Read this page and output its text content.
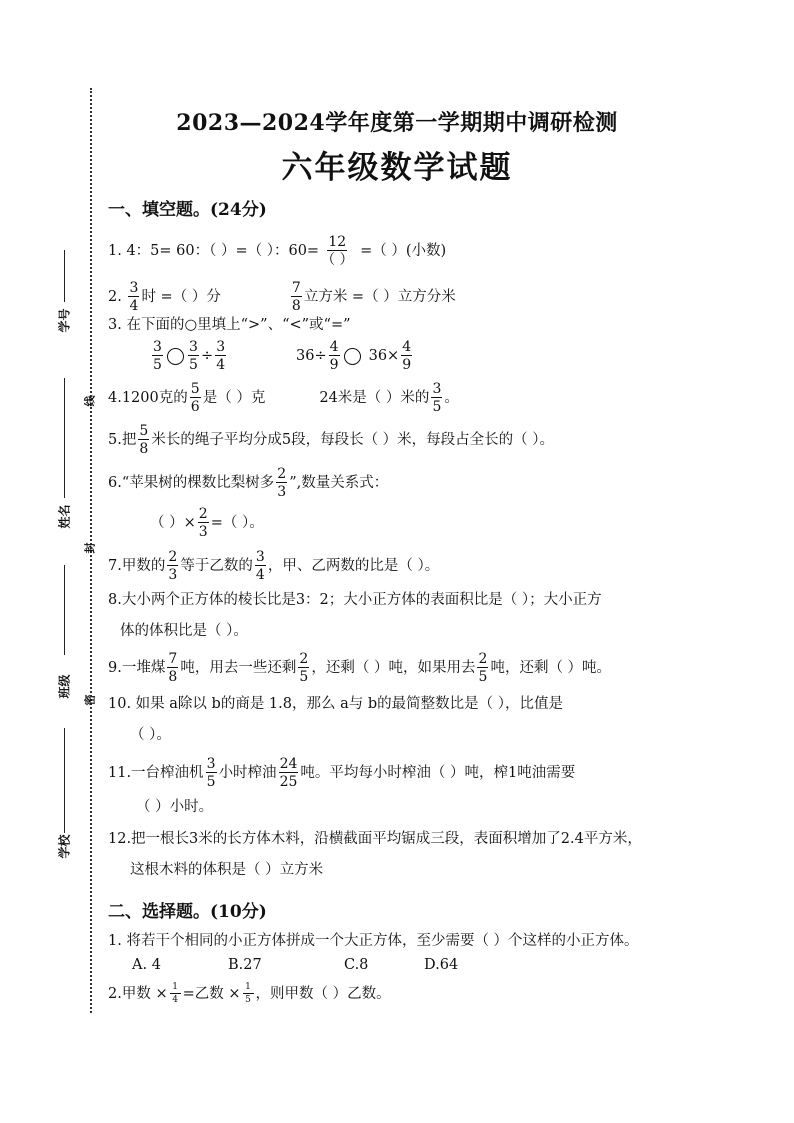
学号
姓名
班级
学校
线
封
密
2023—2024学年度第一学期期中调研检测
六年级数学试题
一、填空题。(24分)
1. 4：5= 60：（ ）=（ ）：$60= \frac{12}{( )}$ =（ ）(小数)
2. $\frac{3}{4}$ 时 =（ ）分	$\frac{7}{8}$ 立方米 =（ ）立方分米
3. 在下面的○里填上“>”、“<”或“=”
$\frac{3}{5} \frac{3}{5} \div \frac{3}{4}$	$36\div \frac{4}{9} 36\times \frac{4}{9}$
4.1200克的 $\frac{5}{6}$ 是（ ）克	24米是（ ）米的 $\frac{3}{5}$ 。
5.把 $\frac{5}{8}$ 米长的绳子平均分成5段，每段长（ ）米，每段占全长的（ ）。
6.“苹果树的棵数比梨树多 $\frac{2}{3}$ ”,数量关系式：
（ ）× $\frac{2}{3}$ =（ ）。
7.甲数的 $\frac{2}{3}$ 等于乙数的 $\frac{3}{4}$ ，甲、乙两数的比是（ ）。
8.大小两个正方体的棱长比是3：2；大小正方体的表面积比是（ ）；大小正方
体的体积比是（ ）。
9.一堆煤 $\frac{7}{8}$ 吨，用去一些还剩 $\frac{2}{5}$ ，还剩（ ）吨，如果用去 $\frac{2}{5}$ 吨，还剩（ ）吨。
10. 如果 a除以 b的商是 1.8，那么 a与 b的最简整数比是（ ），比值是
（ ）。
11.一台榨油机 $\frac{3}{5}$ 小时榨油 $\frac{24}{25}$ 吨。平均每小时榨油（ ）吨，榨1吨油需要
（ ）小时。
12.把一根长3米的长方体木料，沿横截面平均锯成三段，表面积增加了2.4平方米，
这根木料的体积是（ ）立方米
二、选择题。(10分)
1. 将若干个相同的小正方体拼成一个大正方体，至少需要（ ）个这样的小正方体。
A. 4	B.27	C.8	D.64
2.甲数 × $\frac{1}{4}$ =乙数 × $\frac{1}{5}$ ，则甲数（ ）乙数。
